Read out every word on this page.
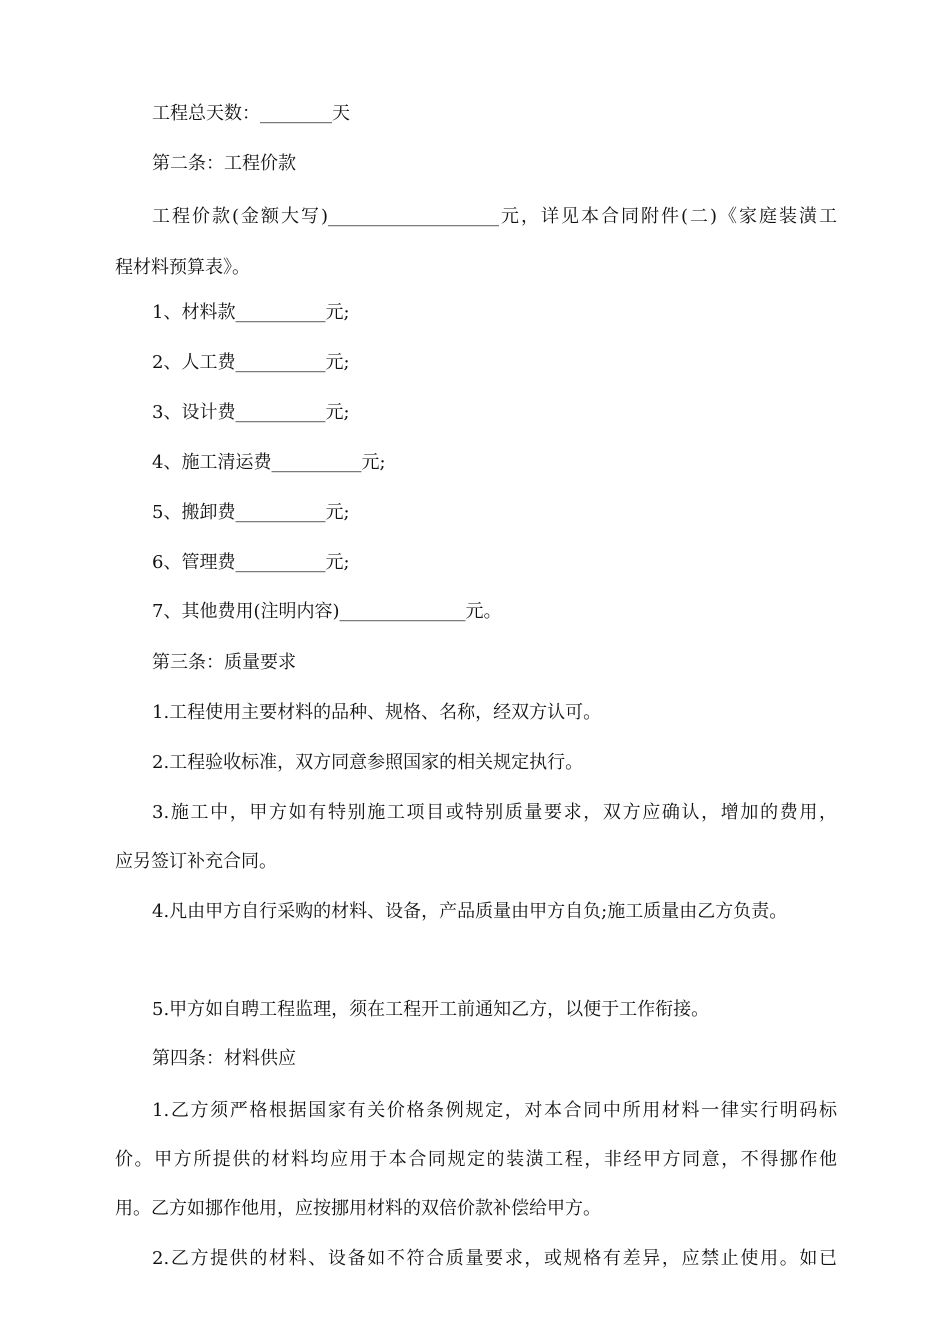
工程总天数：________天
第二条：工程价款
工程价款(金额大写)___________________元，详见本合同附件(二)《家庭装潢工
程材料预算表》。
1、材料款__________元;
2、人工费__________元;
3、设计费__________元;
4、施工清运费__________元;
5、搬卸费__________元;
6、管理费__________元;
7、其他费用(注明内容)______________元。
第三条：质量要求
1.工程使用主要材料的品种、规格、名称，经双方认可。
2.工程验收标准，双方同意参照国家的相关规定执行。
3.施工中，甲方如有特别施工项目或特别质量要求，双方应确认，增加的费用，
应另签订补充合同。
4.凡由甲方自行采购的材料、设备，产品质量由甲方自负;施工质量由乙方负责。
5.甲方如自聘工程监理，须在工程开工前通知乙方，以便于工作衔接。
第四条：材料供应
1.乙方须严格根据国家有关价格条例规定，对本合同中所用材料一律实行明码标
价。甲方所提供的材料均应用于本合同规定的装潢工程，非经甲方同意，不得挪作他
用。乙方如挪作他用，应按挪用材料的双倍价款补偿给甲方。
2.乙方提供的材料、设备如不符合质量要求，或规格有差异，应禁止使用。如已
